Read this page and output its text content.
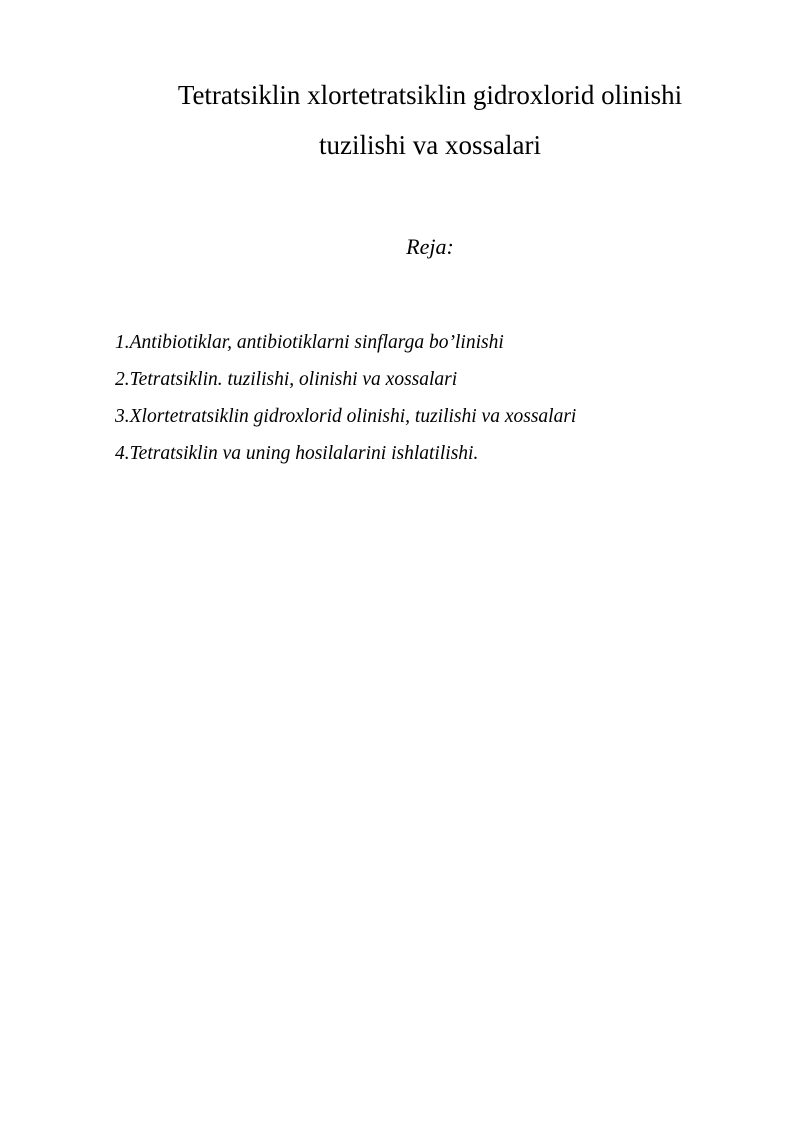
Tetratsiklin xlortetratsiklin gidroxlorid olinishi
tuzilishi va xossalari

Reja:

1.Antibiotiklar, antibiotiklarni sinflarga bo’linishi
2.Tetratsiklin. tuzilishi, olinishi va xossalari
3.Xlortetratsiklin gidroxlorid olinishi, tuzilishi va xossalari
4.Tetratsiklin va uning hosilalarini ishlatilishi.
